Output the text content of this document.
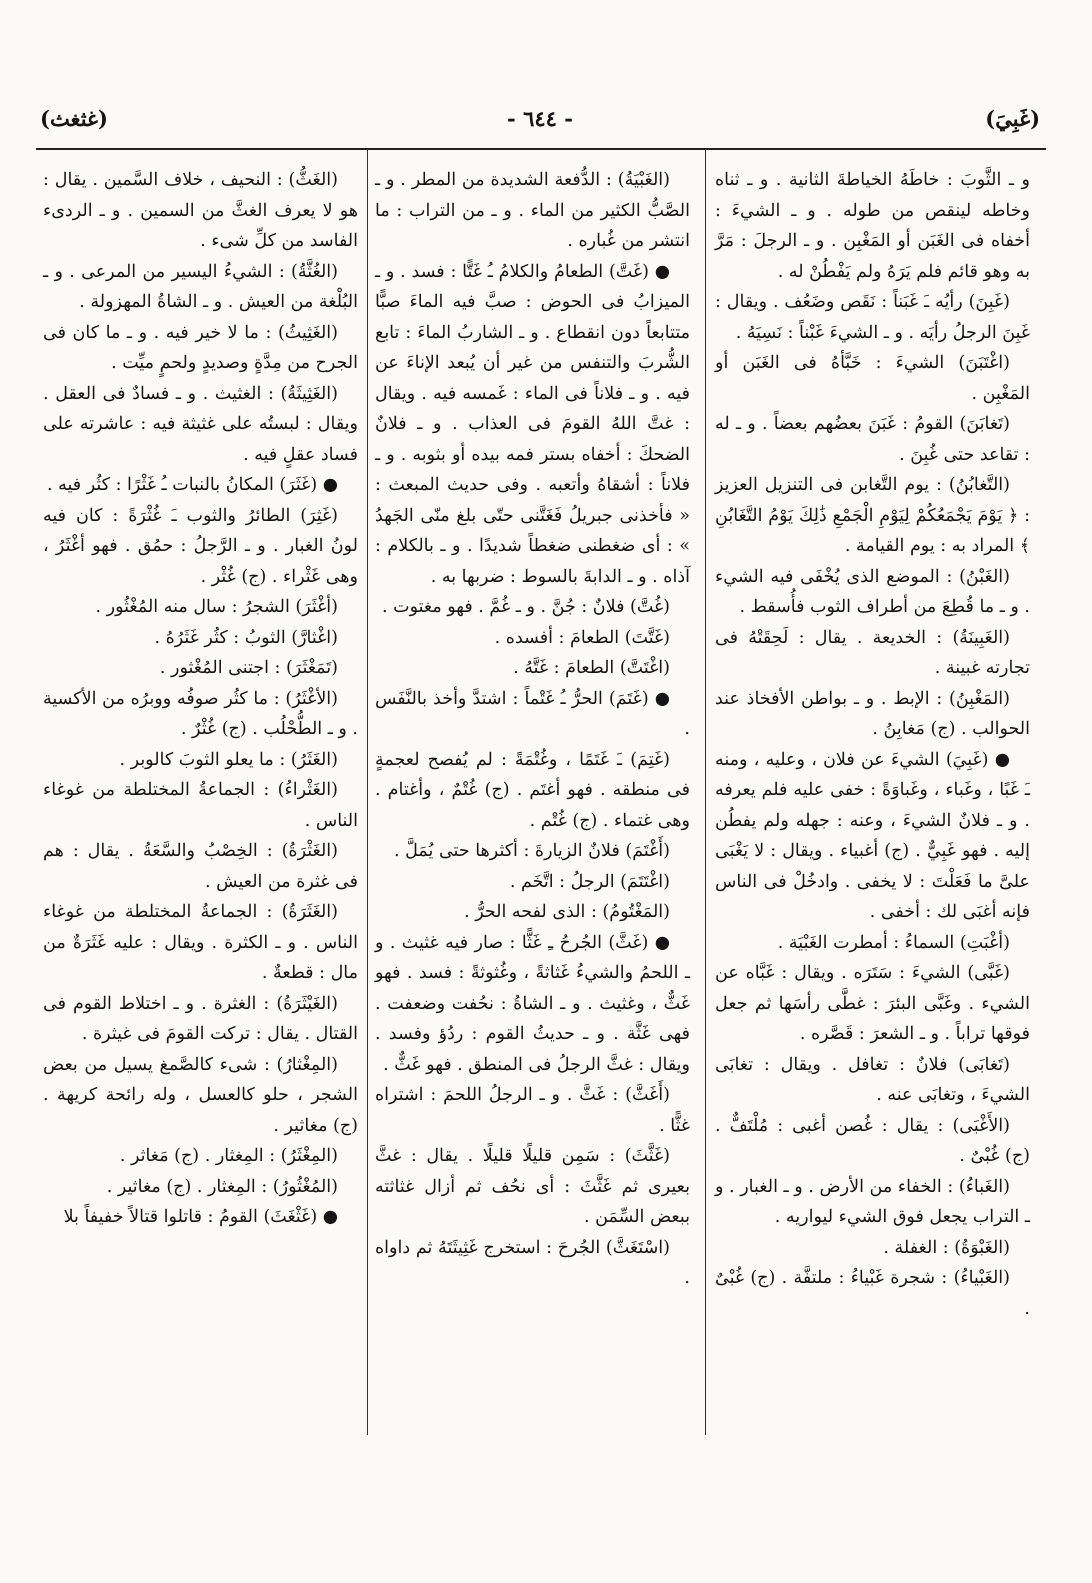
(غَبِيَ)
- ٦٤٤ -
(غثغث)

و ـ الثَّوبَ : خاطَهُ الخياطةَ الثانية . و ـ ثناه وخاطه لينقص من طوله . و ـ الشيءَ : أخفاه فى الغَبَن أو المَغْبِن . و ـ الرجلَ : مَرَّ به وهو قائم فلم يَرَهُ ولم يَفْطُنْ له .

(غَبِنَ) رأيُه ـَ غَبَناً : نَقَص وضَعُف . ويقال : غَبِنَ الرجلُ رأيَه . و ـ الشيءَ غَبْناً : نَسِيَهُ .

(اغْتَبَنَ) الشيءَ : خَبَّأهُ فى الغَبَن أو المَغْبِن .

(تَغابَنَ) القومُ : غَبَنَ بعضُهم بعضاً . و ـ له : تقاعد حتى غُبِنَ .

(التَّغابُنُ) : يوم التَّغابن فى التنزيل العزيز : ﴿ يَوْمَ يَجْمَعُكُمْ لِيَوْمِ الْجَمْعِ ذَٰلِكَ يَوْمُ التَّغَابُنِ ﴾ المراد به : يوم القيامة .

(الغَبْنُ) : الموضع الذى يُخْفَى فيه الشيء . و ـ ما قُطِعَ من أطراف الثوب فأُسقط .

(الغَبِينَةُ) : الخديعة . يقال : لَحِقَتْهُ فى تجارته غبينة .

(المَغْبِنُ) : الإبط . و ـ بواطن الأفخاذ عند الحوالب . (ج) مَغابِنُ .

● (غَبِيَ) الشيءَ عن فلان ، وعليه ، ومنه ـَ غَبًا ، وغَباء ، وغَباوَةً : خفى عليه فلم يعرفه . و ـ فلانٌ الشيءَ ، وعنه : جهله ولم يفطُن إليه . فهو غَبِيٌّ . (ج) أغبياء . ويقال : لا يَغْبَى علىَّ ما فَعَلْتَ : لا يخفى . وادخُلْ فى الناس فإنه أغبَى لك : أخفى .

(أغْبَتِ) السماءُ : أمطرت الغَبْيَة .

(غَبَّى) الشيءَ : سَتَرَه . ويقال : غَبَّاه عن الشيء . وغَبَّى البئرَ : غطَّى رأسَها ثم جعل فوقها تراباً . و ـ الشعرَ : قَصَّره .

(تَغابَى) فلانٌ : تغافل . ويقال : تغابَى الشيءَ ، وتغابَى عنه .

(الأَغْبَى) : يقال : غُصن أغبى : مُلْتَفٌّ . (ج) غُبْىٌ .

(الغَباءُ) : الخفاء من الأرض . و ـ الغبار . و ـ التراب يجعل فوق الشيء ليواريه .

(الغَبْوَةُ) : الغفلة .

(الغَبْياءُ) : شجرة غَبْياءُ : ملتفَّة . (ج) غُبْىٌ .

(الغَبْيَةُ) : الدُّفعة الشديدة من المطر . و ـ الصَّبُّ الكثير من الماء . و ـ من التراب : ما انتشر من غُباره .

● (غَتَّ) الطعامُ والكلامُ ـُ غَتًّا : فسد . و ـ الميزابُ فى الحوض : صبَّ فيه الماءَ صبًّا متتابعاً دون انقطاع . و ـ الشاربُ الماءَ : تابع الشُّربَ والتنفس من غير أن يُبعد الإناءَ عن فيه . و ـ فلاناً فى الماء : غَمسه فيه . ويقال : غتَّ اللهُ القومَ فى العذاب . و ـ فلانٌ الضحكَ : أخفاه بستر فمه بيده أو بثوبه . و ـ فلاناً : أشقاهُ وأتعبه . وفى حديث المبعث : « فأخذنى جبريلُ فَغَتَّنى حتّى بلغ منّى الجَهدُ » : أى ضغطنى ضغطاً شديدًا . و ـ بالكلام : آذاه . و ـ الدابةَ بالسوط : ضربها به .

(غُتَّ) فلانٌ : جُنَّ . و ـ غُمَّ . فهو مغتوت .

(غَتَّتَ) الطعامَ : أفسده .

(اغْتَتَّ) الطعامَ : غَتَّهُ .

● (غَتَمَ) الحرُّ ـُ غَتْماً : اشتدَّ وأخذ بالنَّفَس .

(غَتِمَ) ـَ غَتَمًا ، وغُتْمَةً : لم يُفصح لعجمةٍ فى منطقه . فهو أغتَم . (ج) غُتْمٌ ، وأغتام . وهى غتماء . (ج) غُتْم .

(أَغْتَمَ) فلانٌ الزيارةَ : أكثرها حتى يُمَلَّ .

(اغْتَتَمَ) الرجلُ : اتَّخَم .

(المَغْتُومُ) : الذى لفحه الحرُّ .

● (غَثَّ) الجُرحُ ـِ غَثًّا : صار فيه غثيث . و ـ اللحمُ والشيءُ غَثاثةً ، وغُثوثةً : فسد . فهو غَثٌّ ، وغثيث . و ـ الشاةُ : نحُفت وضعفت . فهى غَثَّة . و ـ حديثُ القوم : ردُؤ وفسد . ويقال : غثَّ الرجلُ فى المنطق . فهو غَثٌّ .

(أَغَثَّ) : غَثَّ . و ـ الرجلُ اللحمَ : اشتراه غثًّا .

(غَثَّثَ) : سَمِن قليلًا قليلًا . يقال : غثَّ بعيرى ثم غَثَّثَ : أى نحُف ثم أزال غثاثته ببعض السِّمَن .

(اسْتَغَثَّ) الجُرحَ : استخرج غَثِيثَتَهُ ثم داواه .

(الغَثُّ) : النحيف ، خلاف السَّمين . يقال : هو لا يعرف الغثَّ من السمين . و ـ الردىء الفاسد من كلِّ شىء .

(الغُثَّةُ) : الشيءُ اليسير من المرعى . و ـ البُلْغة من العيش . و ـ الشاةُ المهزولة .

(الغَثِيثُ) : ما لا خير فيه . و ـ ما كان فى الجرح من مِدَّةٍ وصديدٍ ولحمٍ ميِّت .

(الغَثِيثَةُ) : الغثيث . و ـ فسادٌ فى العقل . ويقال : لبستُه على غثيثة فيه : عاشرته على فساد عقلٍ فيه .

● (غَثَرَ) المكانُ بالنبات ـُ غَثْرًا : كثُر فيه .

(غَثِرَ) الطائرُ والثوب ـَ غُثْرَةً : كان فيه لونُ الغبار . و ـ الرَّجلُ : حمُق . فهو أغْثَرُ ، وهى غَثْراء . (ج) غُثْر .

(أغْثَرَ) الشجرُ : سال منه المُغْثُور .

(اغْثارَّ) الثوبُ : كثُر غَثَرُهُ .

(تَمَغْثَرَ) : اجتنى المُغْثور .

(الأغْثَرُ) : ما كثُر صوفُه ووبرُه من الأكسية . و ـ الطُّحْلُب . (ج) غُثْرٌ .

(الغَثَرُ) : ما يعلو الثوبَ كالوبر .

(الغَثْراءُ) : الجماعةُ المختلطة من غوغاء الناس .

(الغَثْرَةُ) : الخِصْبُ والسَّعَةُ . يقال : هم فى غثرة من العيش .

(الغَثَرَةُ) : الجماعةُ المختلطة من غوغاء الناس . و ـ الكثرة . ويقال : عليه غَثَرَةٌ من مال : قطعةٌ .

(الغَيْثَرَةُ) : الغثرة . و ـ اختلاط القوم فى القتال . يقال : تركت القومَ فى غيثرة .

(المِغْثارُ) : شىء كالصَّمغ يسيل من بعض الشجر ، حلو كالعسل ، وله رائحة كريهة . (ج) مغاثير .

(المِغْثَرُ) : المِغثار . (ج) مَغاثر .

(المُغْثُورُ) : المِغثار . (ج) مغاثير .

● (غَثْغَثَ) القومُ : قاتلوا قتالاً خفيفاً بلا
